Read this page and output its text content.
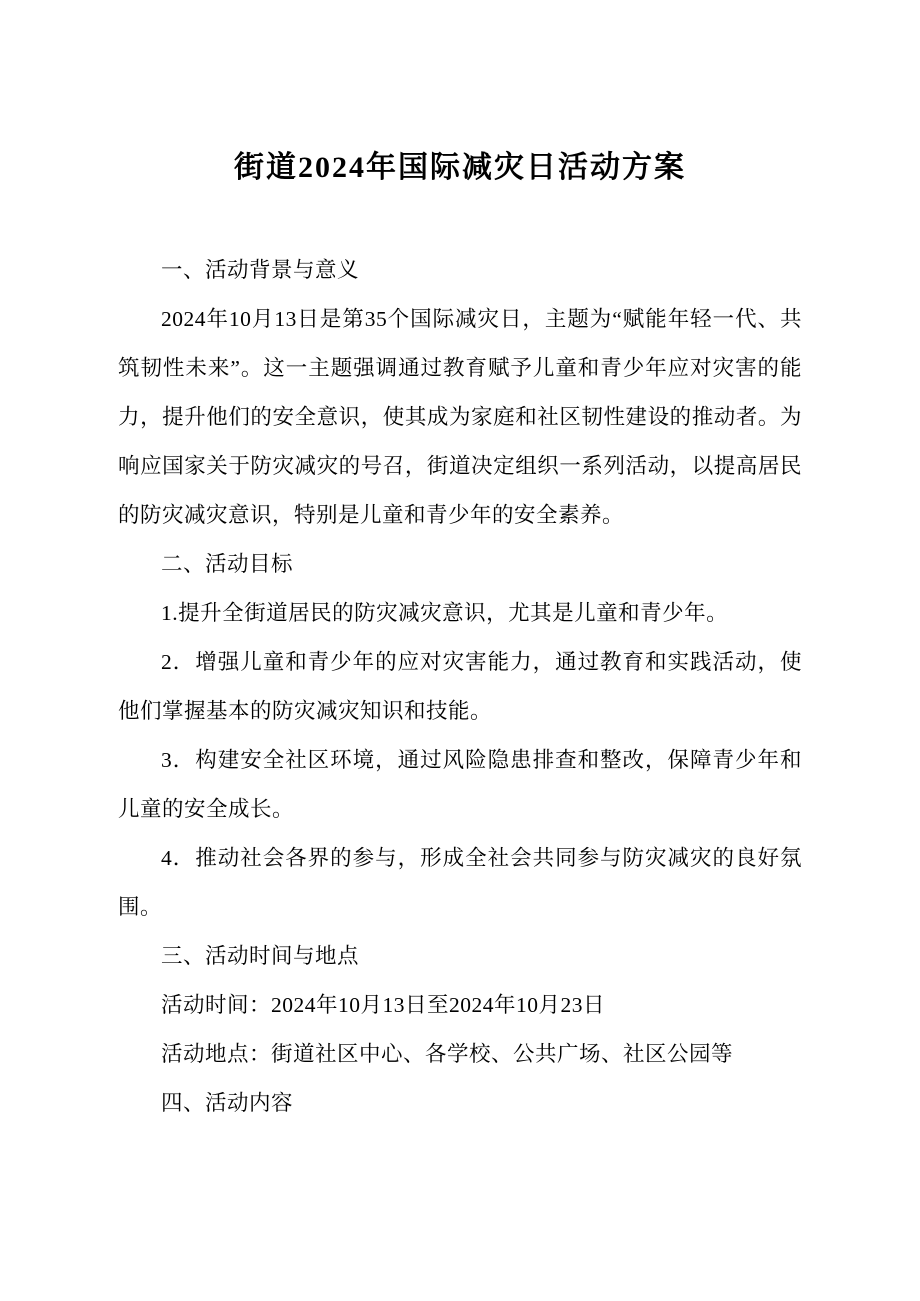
街道2024年国际减灾日活动方案

一、活动背景与意义

2024年10月13日是第35个国际减灾日，主题为“赋能年轻一代、共筑韧性未来”。这一主题强调通过教育赋予儿童和青少年应对灾害的能力，提升他们的安全意识，使其成为家庭和社区韧性建设的推动者。为响应国家关于防灾减灾的号召，街道决定组织一系列活动，以提高居民的防灾减灾意识，特别是儿童和青少年的安全素养。

二、活动目标

1.提升全街道居民的防灾减灾意识，尤其是儿童和青少年。

2．增强儿童和青少年的应对灾害能力，通过教育和实践活动，使他们掌握基本的防灾减灾知识和技能。

3．构建安全社区环境，通过风险隐患排查和整改，保障青少年和儿童的安全成长。

4．推动社会各界的参与，形成全社会共同参与防灾减灾的良好氛围。

三、活动时间与地点

活动时间：2024年10月13日至2024年10月23日

活动地点：街道社区中心、各学校、公共广场、社区公园等

四、活动内容
